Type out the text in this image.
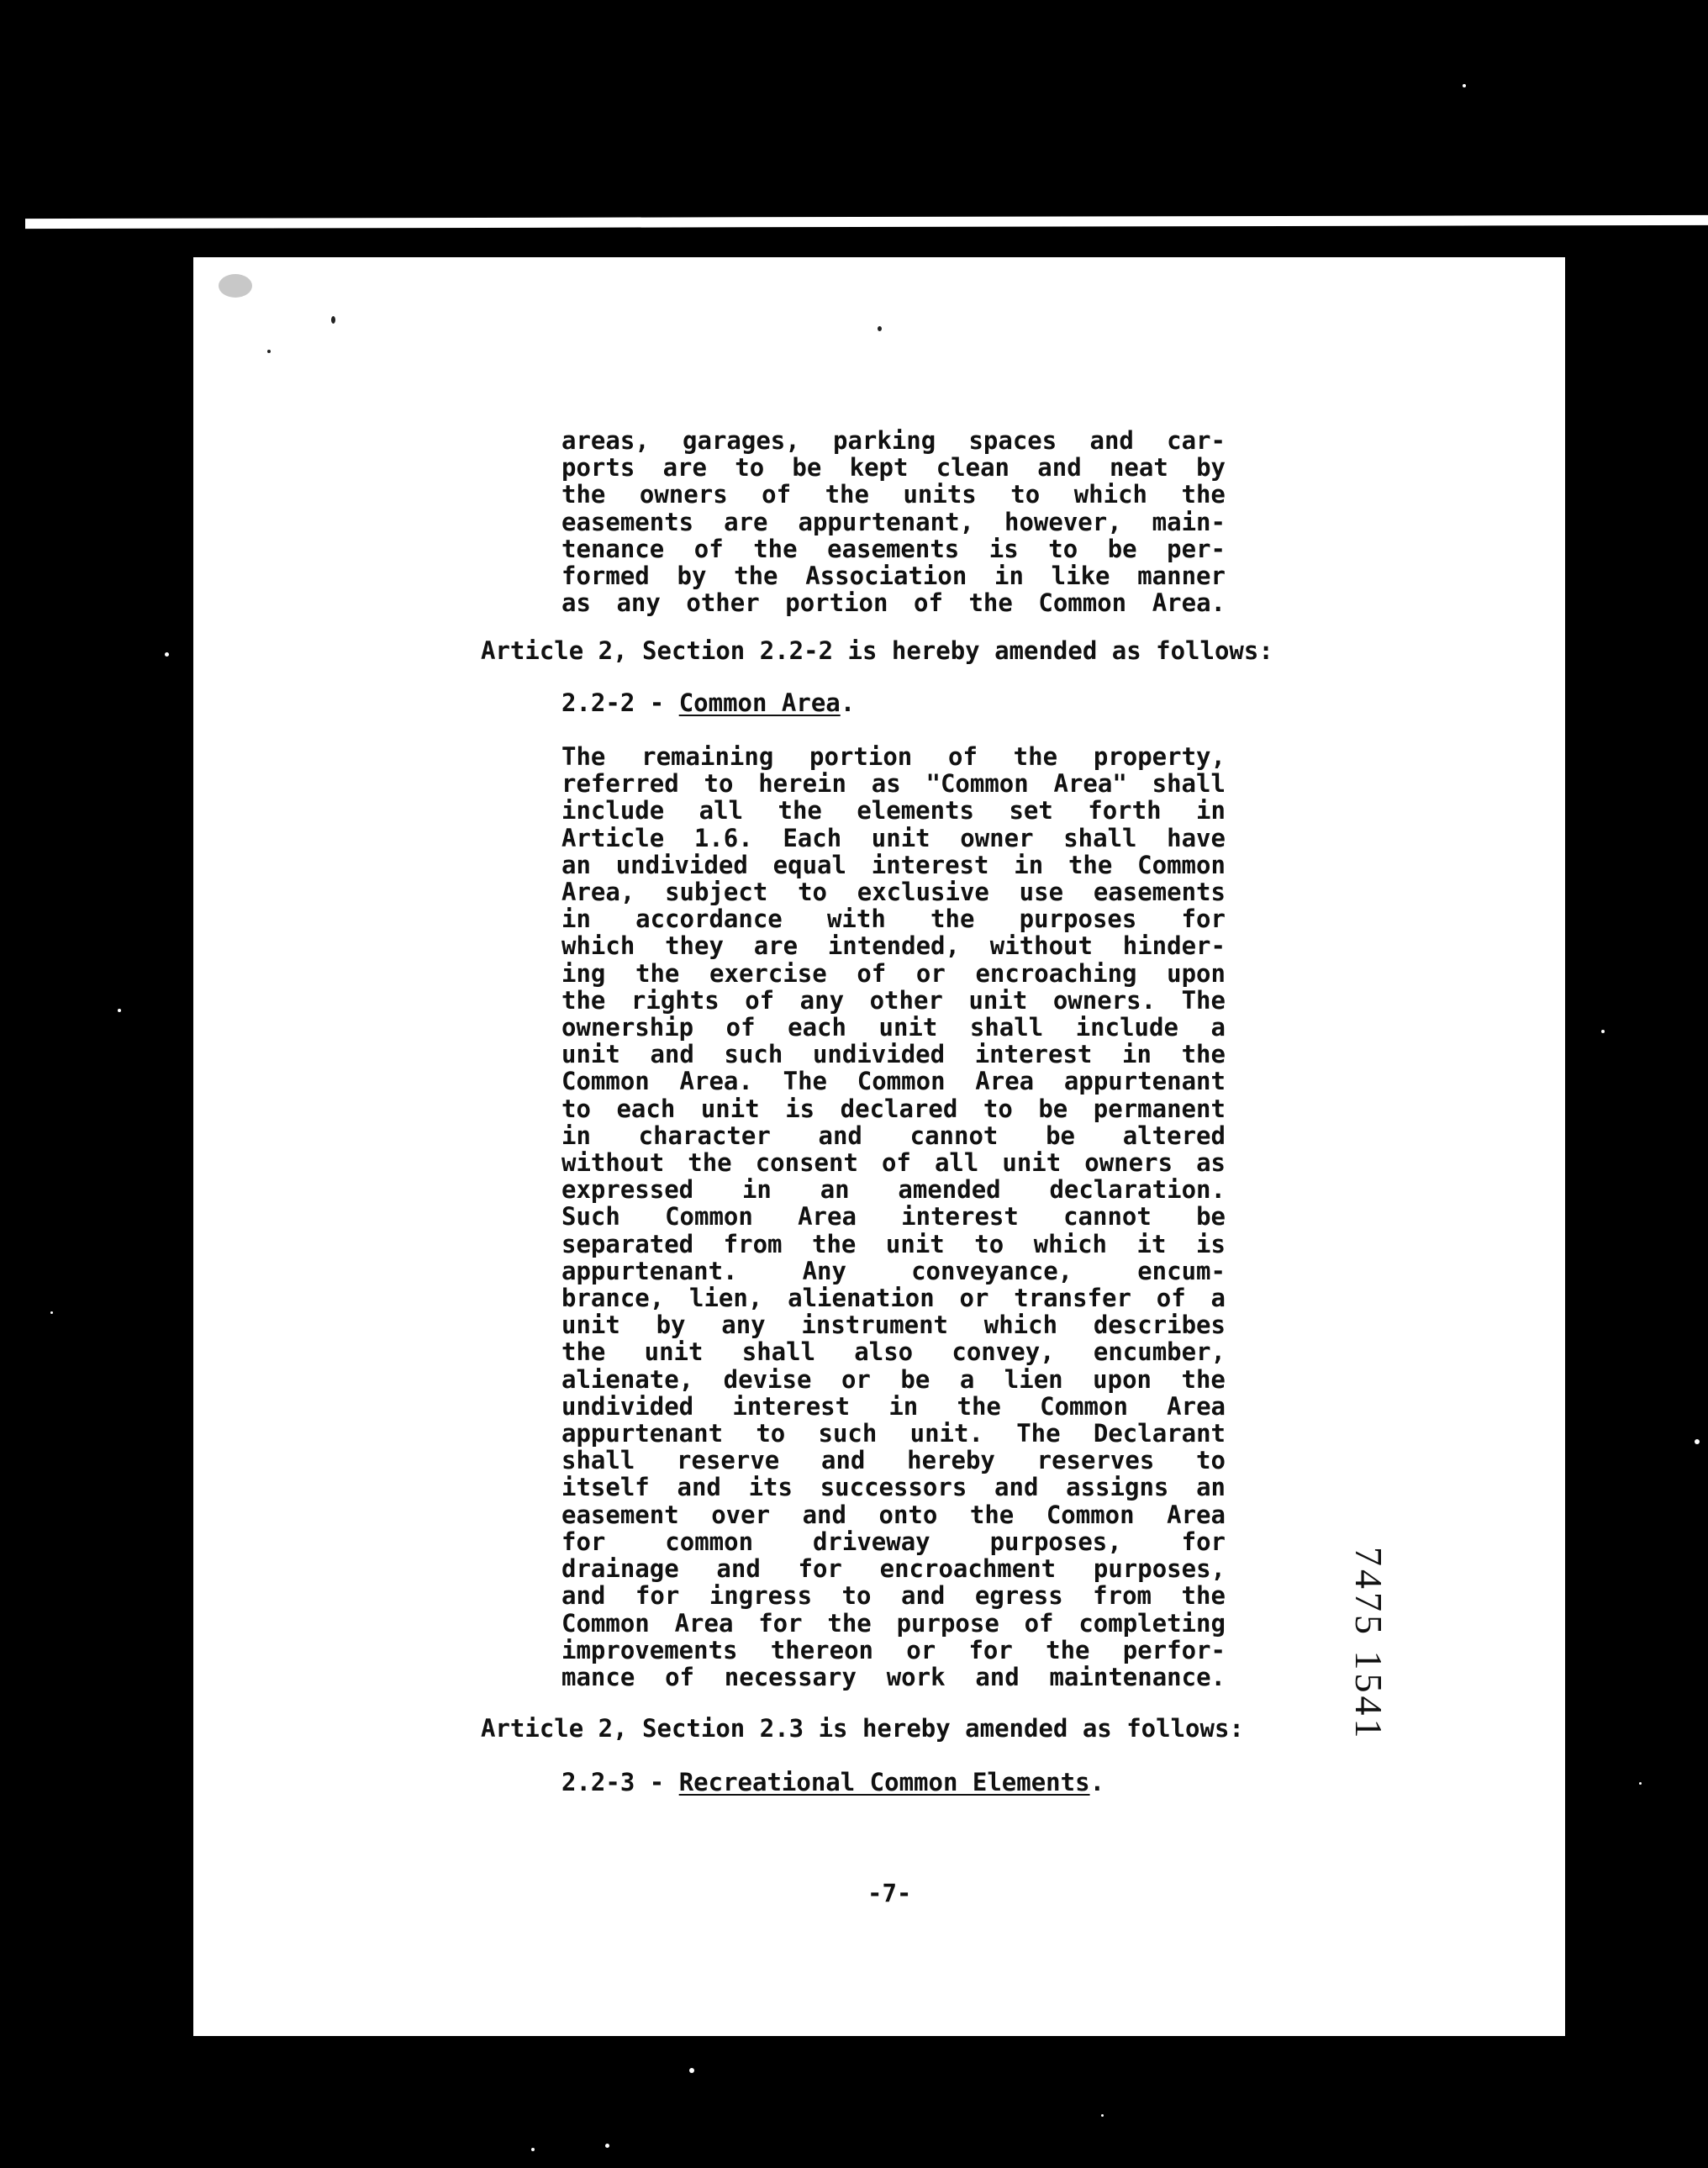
areas, garages, parking spaces and car-
ports are to be kept clean and neat by
the owners of the units to which the
easements are appurtenant, however, main-
tenance of the easements is to be per-
formed by the Association in like manner
as any other portion of the Common Area.
Article 2, Section 2.2-2 is hereby amended as follows:
2.2-2 - Common Area.
The remaining portion of the property,
referred to herein as "Common Area" shall
include all the elements set forth in
Article 1.6. Each unit owner shall have
an undivided equal interest in the Common
Area, subject to exclusive use easements
in accordance with the purposes for
which they are intended, without hinder-
ing the exercise of or encroaching upon
the rights of any other unit owners. The
ownership of each unit shall include a
unit and such undivided interest in the
Common Area. The Common Area appurtenant
to each unit is declared to be permanent
in character and cannot be altered
without the consent of all unit owners as
expressed in an amended declaration.
Such Common Area interest cannot be
separated from the unit to which it is
appurtenant.	Any	conveyance,	encum-
brance, lien, alienation or transfer of a
unit by any instrument which describes
the unit shall also convey, encumber,
alienate, devise or be a lien upon the
undivided interest in the Common Area
appurtenant to such unit. The Declarant
shall reserve and hereby reserves to
itself and its successors and assigns an
easement over and onto the Common Area
for common driveway purposes, for
drainage and for encroachment purposes,
and for ingress to and egress from the
Common Area for the purpose of completing
improvements thereon or for the perfor-
mance of necessary work and maintenance.
Article 2, Section 2.3 is hereby amended as follows:
2.2-3 - Recreational Common Elements.
-7-
7475 1541
